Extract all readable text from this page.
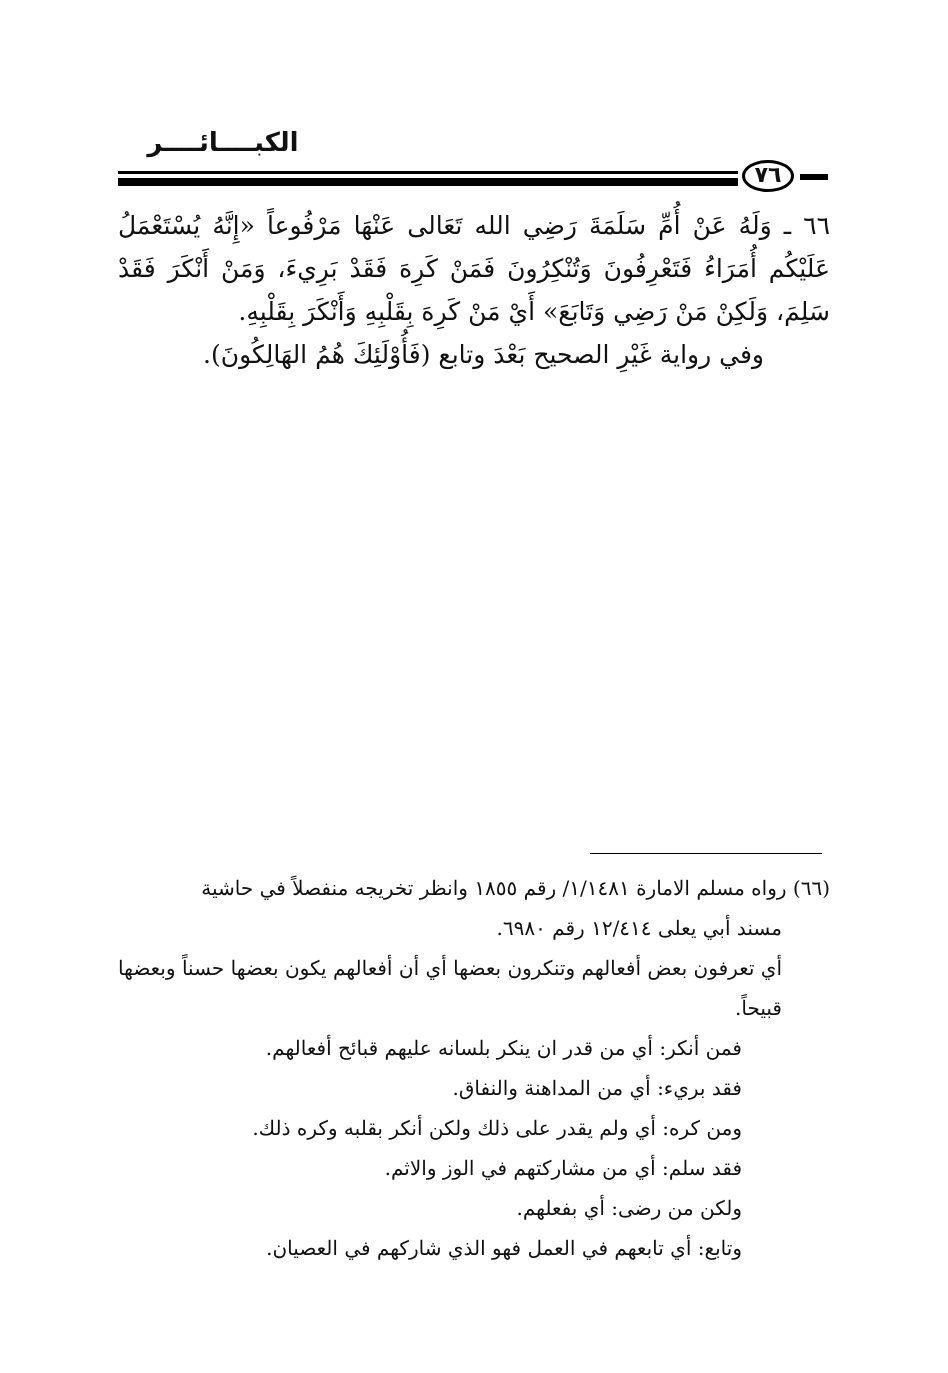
الكبــــائــــر
٧٦

٦٦ ـ وَلَهُ عَنْ أُمِّ سَلَمَةَ رَضِي الله تَعَالى عَنْهَا مَرْفُوعاً «إِنَّهُ يُسْتَعْمَلُ عَلَيْكُم أُمَرَاءُ فَتَعْرِفُونَ وَتُنْكِرُونَ فَمَنْ كَرِهَ فَقَدْ بَرِيءَ، وَمَنْ أَنْكَرَ فَقَدْ سَلِمَ، وَلَكِنْ مَنْ رَضِي وَتَابَعَ» أَيْ مَنْ كَرِهَ بِقَلْبِهِ وَأَنْكَرَ بِقَلْبِهِ.

وفي رواية غَيْرِ الصحيح بَعْدَ وتابع (فَأُوْلَئِكَ هُمُ الهَالِكُونَ).

(٦٦) رواه مسلم الامارة ١/١٤٨١/ رقم ١٨٥٥ وانظر تخريجه منفصلاً في حاشية

مسند أبي يعلى ١٢/٤١٤ رقم ٦٩٨٠.

أي تعرفون بعض أفعالهم وتنكرون بعضها أي أن أفعالهم يكون بعضها حسناً وبعضها قبيحاً.

فمن أنكر: أي من قدر ان ينكر بلسانه عليهم قبائح أفعالهم.
فقد بريء: أي من المداهنة والنفاق.
ومن كره: أي ولم يقدر على ذلك ولكن أنكر بقلبه وكره ذلك.
فقد سلم: أي من مشاركتهم في الوز والاثم.
ولكن من رضى: أي بفعلهم.
وتابع: أي تابعهم في العمل فهو الذي شاركهم في العصيان.
